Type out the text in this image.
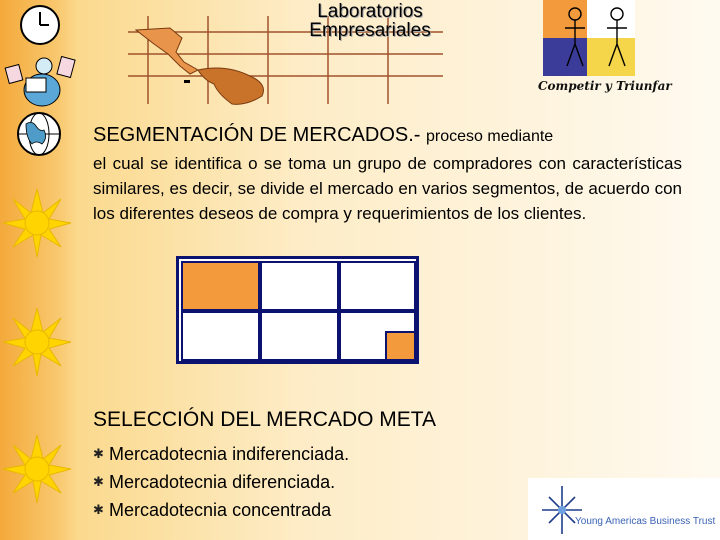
Laboratorios
Empresariales
Competir y Triunfar
SEGMENTACIÓN DE MERCADOS.- proceso mediante
el cual se identifica o se toma un grupo de compradores con características similares, es decir, se divide el mercado en varios segmentos, de acuerdo con los diferentes deseos de compra y requerimientos de los clientes.
SELECCIÓN DEL MERCADO META
✱ Mercadotecnia indiferenciada.
✱ Mercadotecnia diferenciada.
✱ Mercadotecnia concentrada
Young Americas Business Trust
